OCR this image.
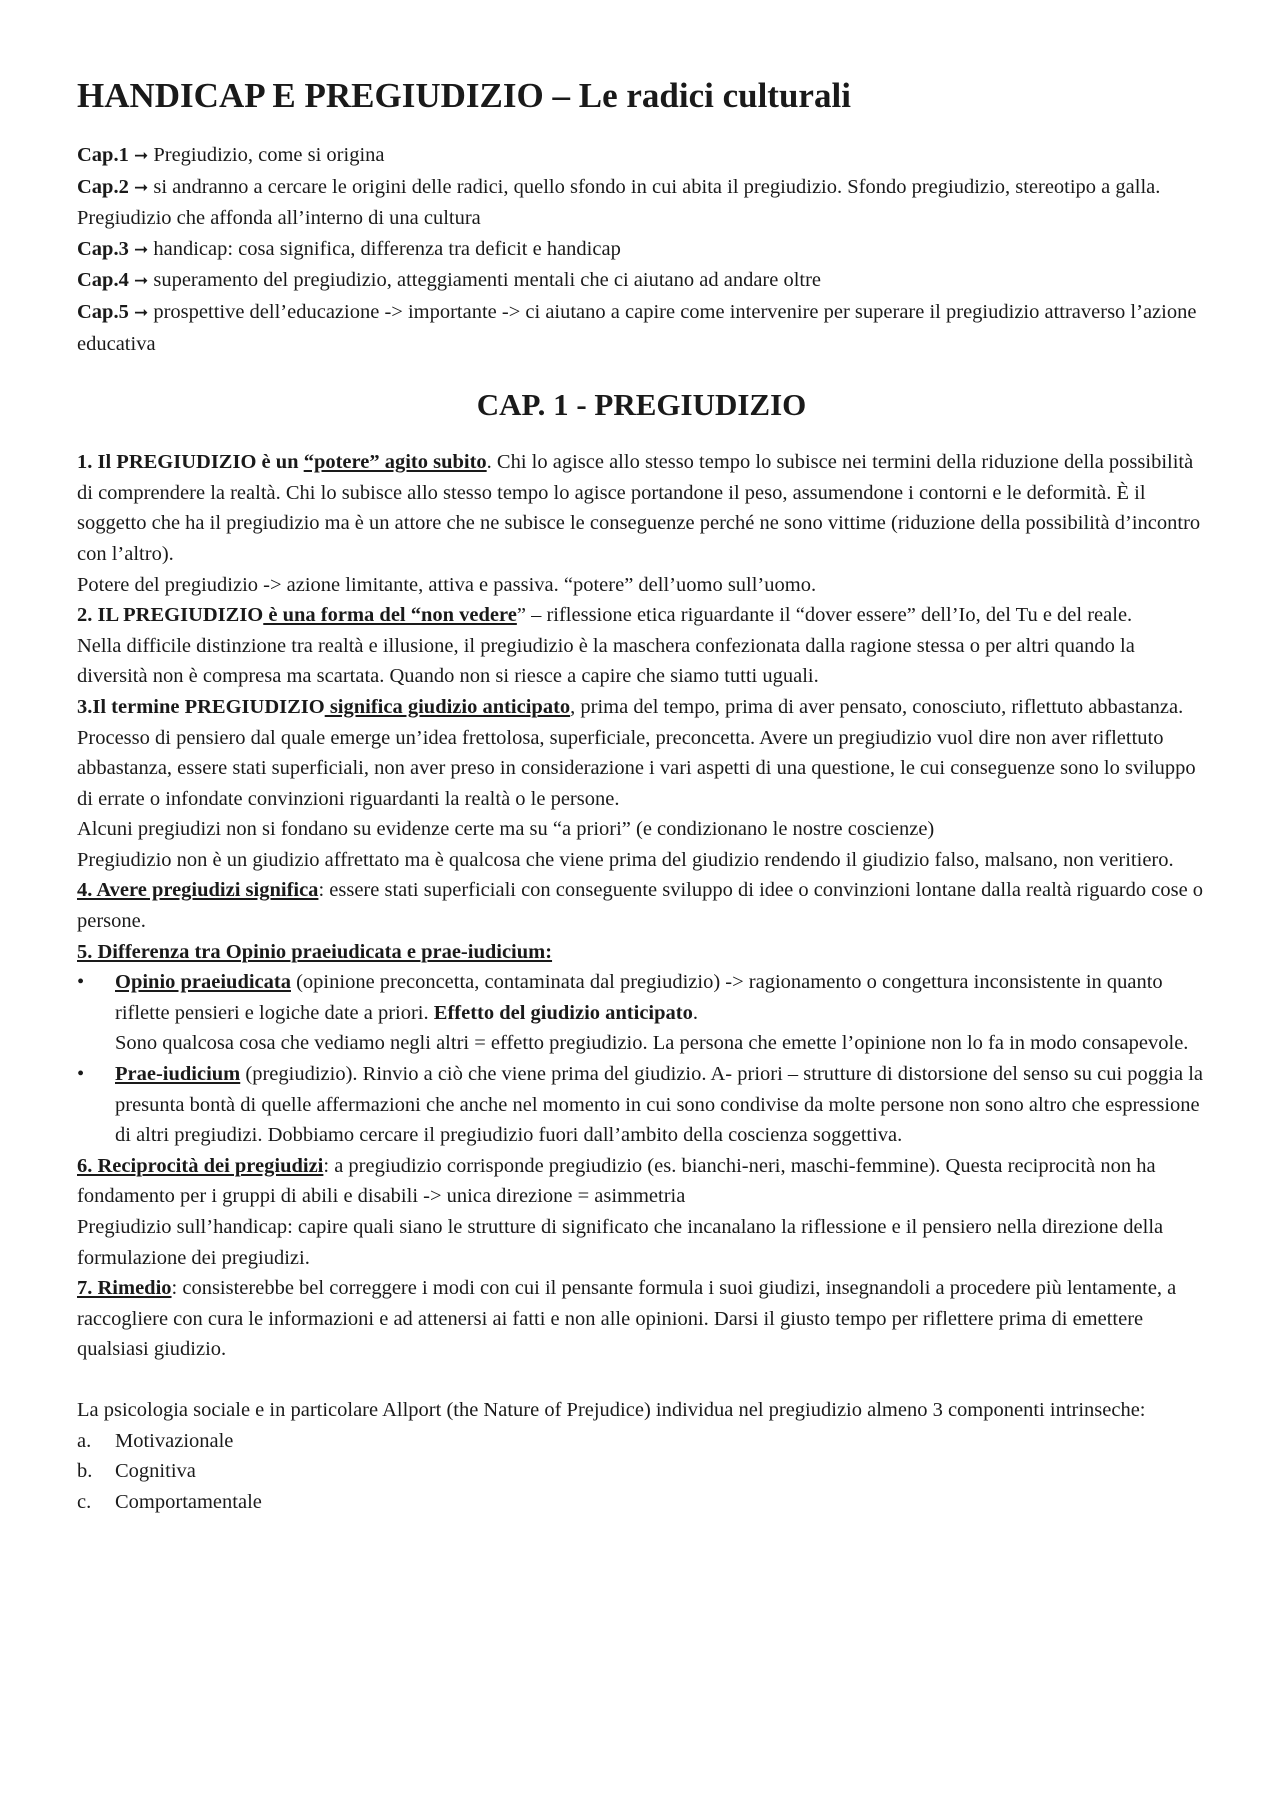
HANDICAP E PREGIUDIZIO – Le radici culturali

Cap.1 ➞ Pregiudizio, come si origina

Cap.2 ➞ si andranno a cercare le origini delle radici, quello sfondo in cui abita il pregiudizio. Sfondo pregiudizio, stereotipo a galla. Pregiudizio che affonda all’interno di una cultura

Cap.3 ➞ handicap: cosa significa, differenza tra deficit e handicap

Cap.4 ➞ superamento del pregiudizio, atteggiamenti mentali che ci aiutano ad andare oltre

Cap.5 ➞ prospettive dell’educazione -> importante -> ci aiutano a capire come intervenire per superare il pregiudizio attraverso l’azione educativa

CAP. 1 - PREGIUDIZIO

1. Il PREGIUDIZIO è un “potere” agito subito. Chi lo agisce allo stesso tempo lo subisce nei termini della riduzione della possibilità di comprendere la realtà. Chi lo subisce allo stesso tempo lo agisce portandone il peso, assumendone i contorni e le deformità. È il soggetto che ha il pregiudizio ma è un attore che ne subisce le conseguenze perché ne sono vittime (riduzione della possibilità d’incontro con l’altro).

Potere del pregiudizio -> azione limitante, attiva e passiva. “potere” dell’uomo sull’uomo.

2. IL PREGIUDIZIO è una forma del “non vedere” – riflessione etica riguardante il “dover essere” dell’Io, del Tu e del reale.

Nella difficile distinzione tra realtà e illusione, il pregiudizio è la maschera confezionata dalla ragione stessa o per altri quando la diversità non è compresa ma scartata. Quando non si riesce a capire che siamo tutti uguali.

3.Il termine PREGIUDIZIO significa giudizio anticipato, prima del tempo, prima di aver pensato, conosciuto, riflettuto abbastanza.

Processo di pensiero dal quale emerge un’idea frettolosa, superficiale, preconcetta. Avere un pregiudizio vuol dire non aver riflettuto abbastanza, essere stati superficiali, non aver preso in considerazione i vari aspetti di una questione, le cui conseguenze sono lo sviluppo di errate o infondate convinzioni riguardanti la realtà o le persone.

Alcuni pregiudizi non si fondano su evidenze certe ma su “a priori” (e condizionano le nostre coscienze)

Pregiudizio non è un giudizio affrettato ma è qualcosa che viene prima del giudizio rendendo il giudizio falso, malsano, non veritiero.

4. Avere pregiudizi significa: essere stati superficiali con conseguente sviluppo di idee o convinzioni lontane dalla realtà riguardo cose o persone.

5. Differenza tra Opinio praeiudicata e prae-iudicium:

• Opinio praeiudicata (opinione preconcetta, contaminata dal pregiudizio) -> ragionamento o congettura inconsistente in quanto riflette pensieri e logiche date a priori. Effetto del giudizio anticipato.
Sono qualcosa cosa che vediamo negli altri = effetto pregiudizio. La persona che emette l’opinione non lo fa in modo consapevole.
• Prae-iudicium (pregiudizio). Rinvio a ciò che viene prima del giudizio. A- priori – strutture di distorsione del senso su cui poggia la presunta bontà di quelle affermazioni che anche nel momento in cui sono condivise da molte persone non sono altro che espressione di altri pregiudizi. Dobbiamo cercare il pregiudizio fuori dall’ambito della coscienza soggettiva.

6. Reciprocità dei pregiudizi: a pregiudizio corrisponde pregiudizio (es. bianchi-neri, maschi-femmine). Questa reciprocità non ha fondamento per i gruppi di abili e disabili -> unica direzione = asimmetria

Pregiudizio sull’handicap: capire quali siano le strutture di significato che incanalano la riflessione e il pensiero nella direzione della formulazione dei pregiudizi.

7. Rimedio: consisterebbe bel correggere i modi con cui il pensante formula i suoi giudizi, insegnandoli a procedere più lentamente, a raccogliere con cura le informazioni e ad attenersi ai fatti e non alle opinioni. Darsi il giusto tempo per riflettere prima di emettere qualsiasi giudizio.

La psicologia sociale e in particolare Allport (the Nature of Prejudice) individua nel pregiudizio almeno 3 componenti intrinseche:

a. Motivazionale
b. Cognitiva
c. Comportamentale
